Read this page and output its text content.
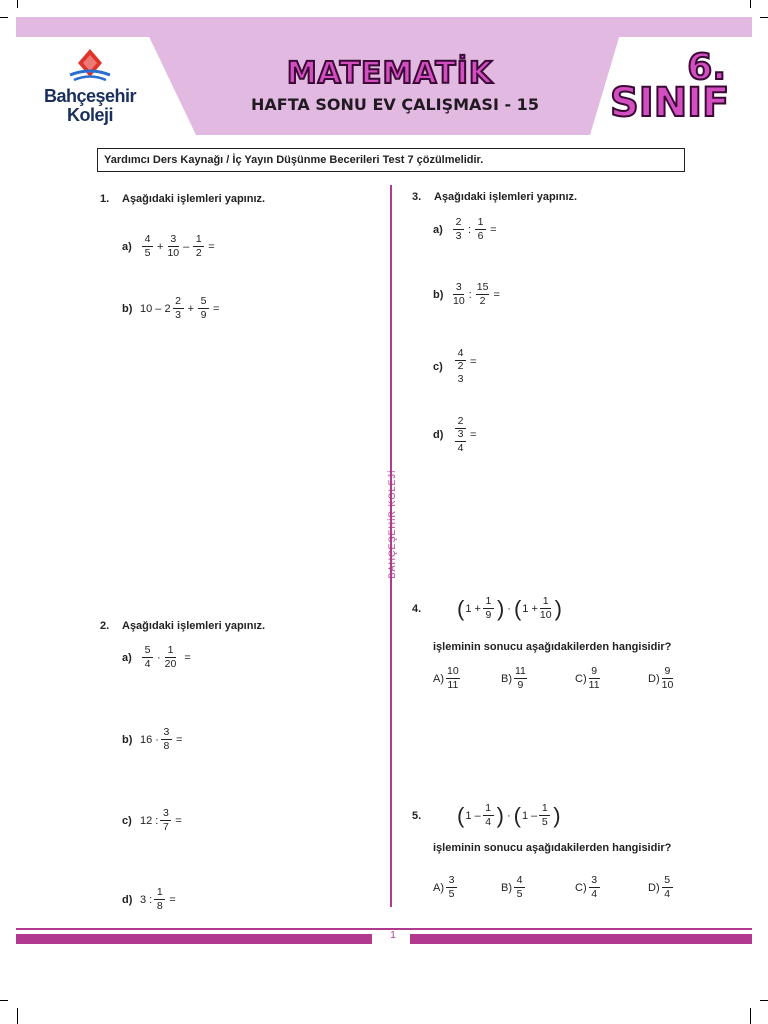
Bahçeşehir
Koleji
MATEMATİK
HAFTA SONU EV ÇALIŞMASI - 15
6.
SINIF
Yardımcı Ders Kaynağı / İç Yayın Düşünme Becerileri Test 7 çözülmelidir.
BAHÇEŞEHİR KOLEJİ
1. Aşağıdaki işlemleri yapınız.
$a) \frac{4}{5} + \frac{3}{10} - \frac{1}{2}$ =
b) $10 - 2 \frac{2}{3} + \frac{5}{9}$ =
2. Aşağıdaki işlemleri yapınız.
$a) \frac{5}{4} \cdot \frac{1}{20}$ =
b) $16 \cdot \frac{3}{8}$ =
c) 12 : $\frac{3}{7}$ =
d) 3 : $\frac{1}{8}$ =
3. Aşağıdaki işlemleri yapınız.
$a) \frac{2}{3}$ : $\frac{1}{6}$ =
$b) \frac{3}{10}$ : $\frac{15}{2}$ =
c)
4
2
3
=
d)
2
3
4
=
4.	( $1 + \frac{1}{9}$ ) · ( $1 + \frac{1}{10}$ )
işleminin sonucu aşağıdakilerden hangisidir?
$A) \frac{10}{11}$	$B) \frac{11}{9}$	$C) \frac{9}{11}$	$D) \frac{9}{10}$
5.	( $1 - \frac{1}{4}$ ) · ( $1 - \frac{1}{5}$ )
işleminin sonucu aşağıdakilerden hangisidir?
$A) \frac{3}{5}$	$B) \frac{4}{5}$	$C) \frac{3}{4}$	$D) \frac{5}{4}$
1
